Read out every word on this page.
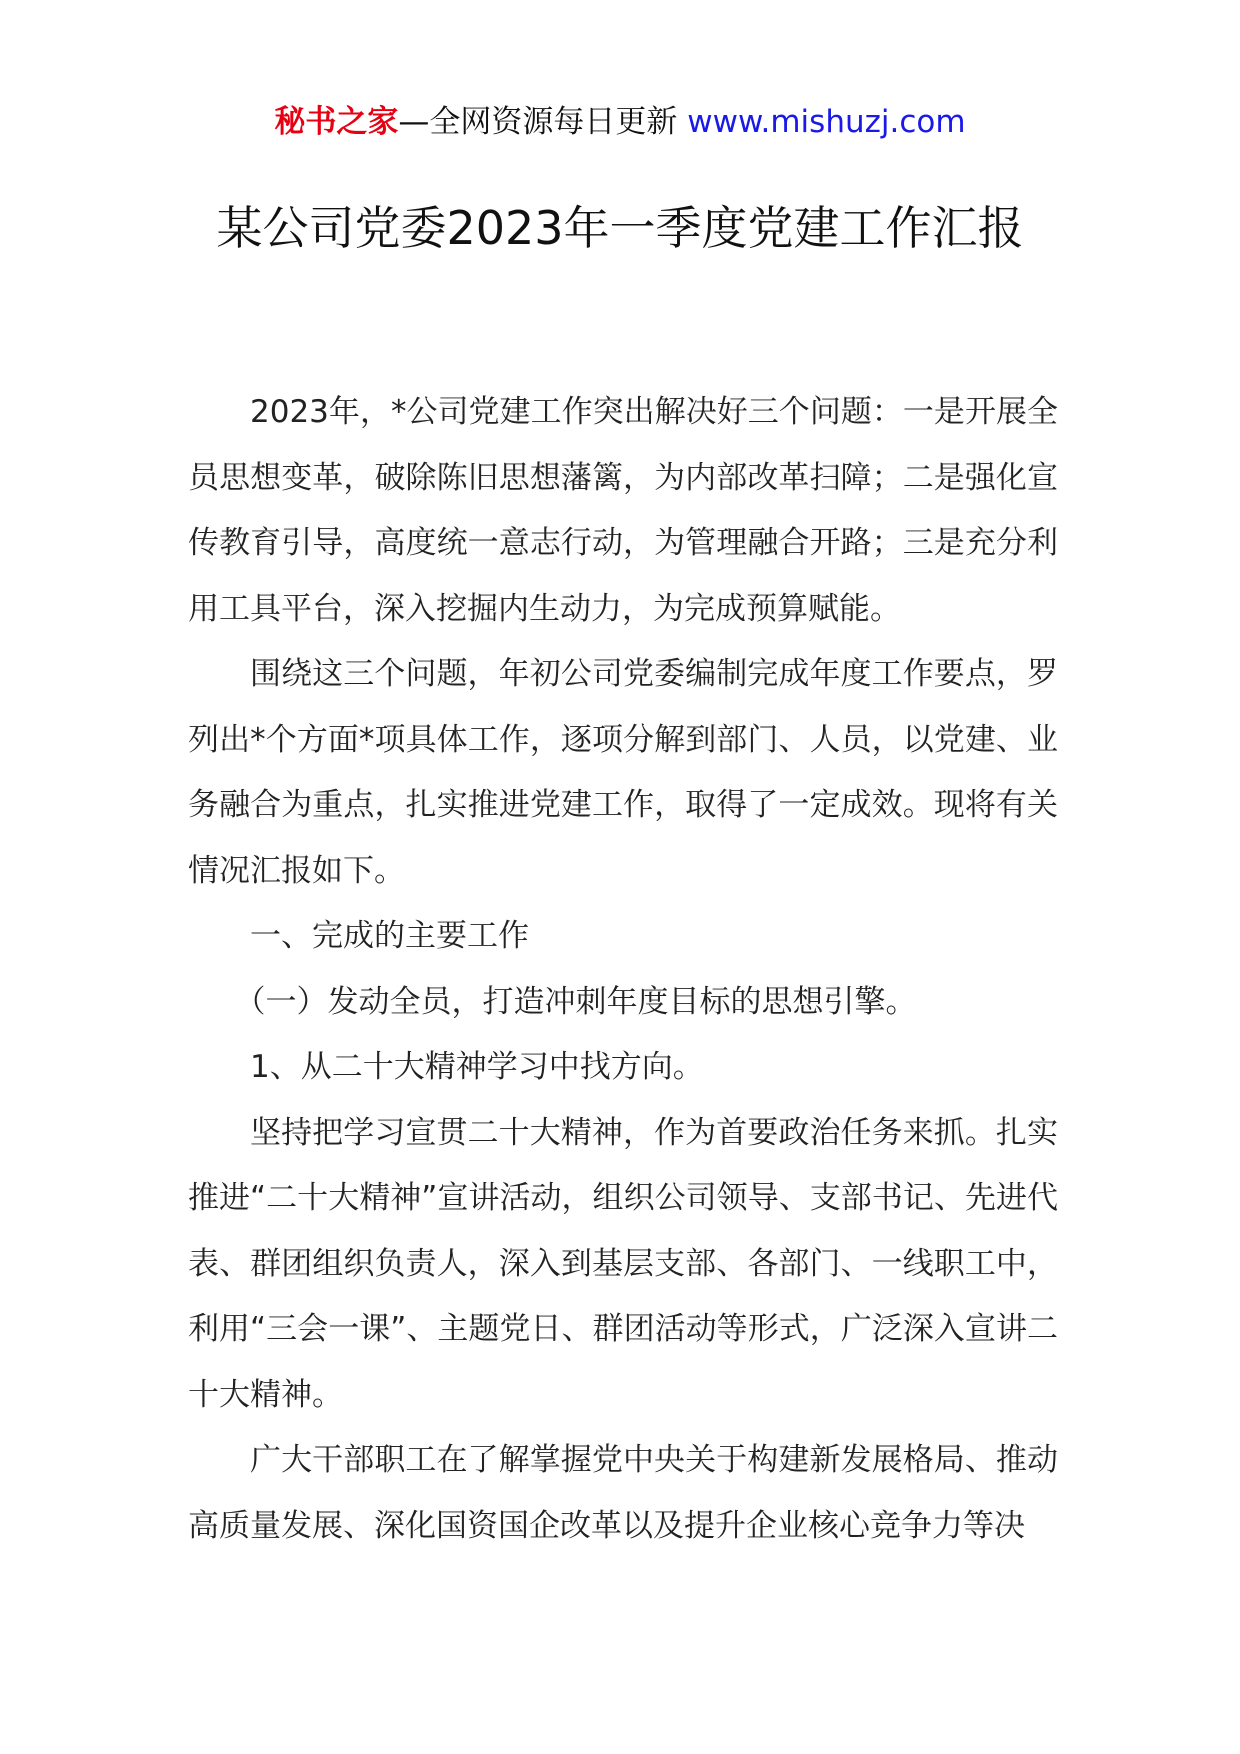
秘书之家—全网资源每日更新 www.mishuzj.com
某公司党委2023年一季度党建工作汇报

2023年，*公司党建工作突出解决好三个问题：一是开展全员思想变革，破除陈旧思想藩篱，为内部改革扫障；二是强化宣传教育引导，高度统一意志行动，为管理融合开路；三是充分利用工具平台，深入挖掘内生动力，为完成预算赋能。

围绕这三个问题，年初公司党委编制完成年度工作要点，罗列出*个方面*项具体工作，逐项分解到部门、人员，以党建、业务融合为重点，扎实推进党建工作，取得了一定成效。现将有关情况汇报如下。

一、完成的主要工作

（一）发动全员，打造冲刺年度目标的思想引擎。

1、从二十大精神学习中找方向。

坚持把学习宣贯二十大精神，作为首要政治任务来抓。扎实推进“二十大精神”宣讲活动，组织公司领导、支部书记、先进代表、群团组织负责人，深入到基层支部、各部门、一线职工中，利用“三会一课”、主题党日、群团活动等形式，广泛深入宣讲二十大精神。

广大干部职工在了解掌握党中央关于构建新发展格局、推动高质量发展、深化国资国企改革以及提升企业核心竞争力等决
